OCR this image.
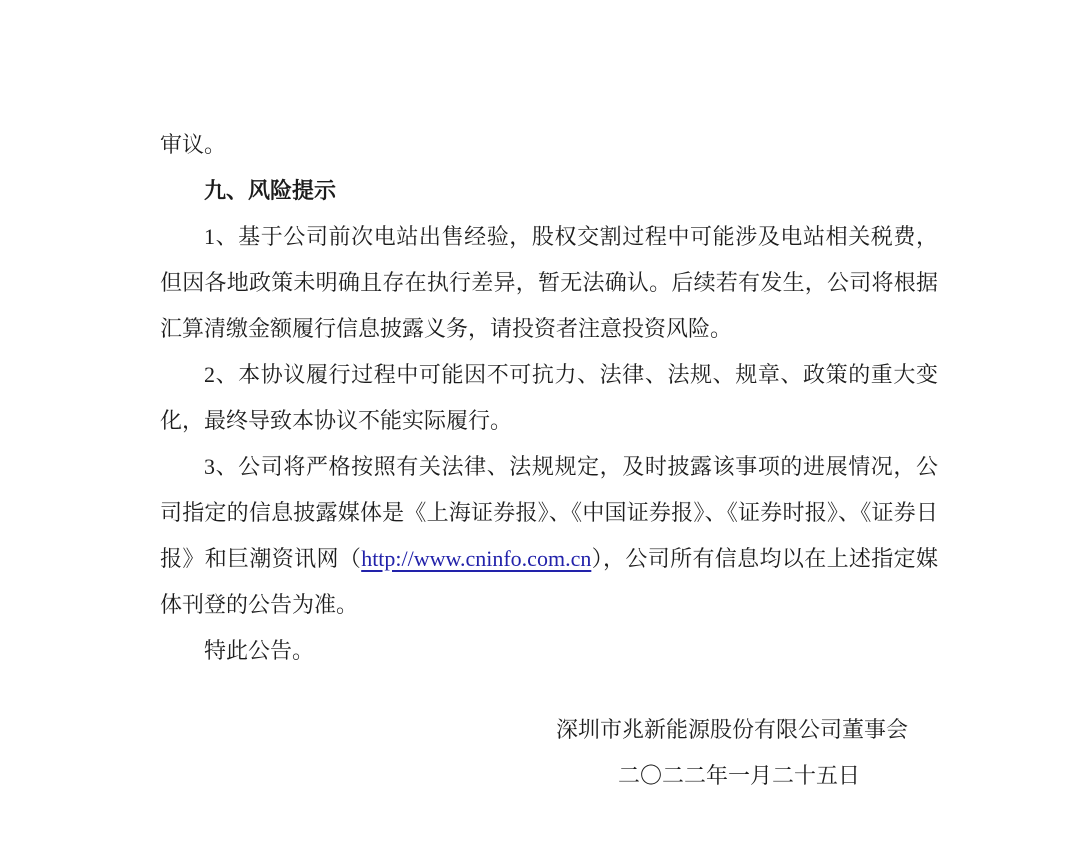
审议。

九、风险提示

1、基于公司前次电站出售经验，股权交割过程中可能涉及电站相关税费，但因各地政策未明确且存在执行差异，暂无法确认。后续若有发生，公司将根据汇算清缴金额履行信息披露义务，请投资者注意投资风险。

2、本协议履行过程中可能因不可抗力、法律、法规、规章、政策的重大变化，最终导致本协议不能实际履行。

3、公司将严格按照有关法律、法规规定，及时披露该事项的进展情况，公司指定的信息披露媒体是《上海证券报》、《中国证券报》、《证券时报》、《证券日报》和巨潮资讯网（http://www.cninfo.com.cn），公司所有信息均以在上述指定媒体刊登的公告为准。

特此公告。

深圳市兆新能源股份有限公司董事会

二〇二二年一月二十五日
